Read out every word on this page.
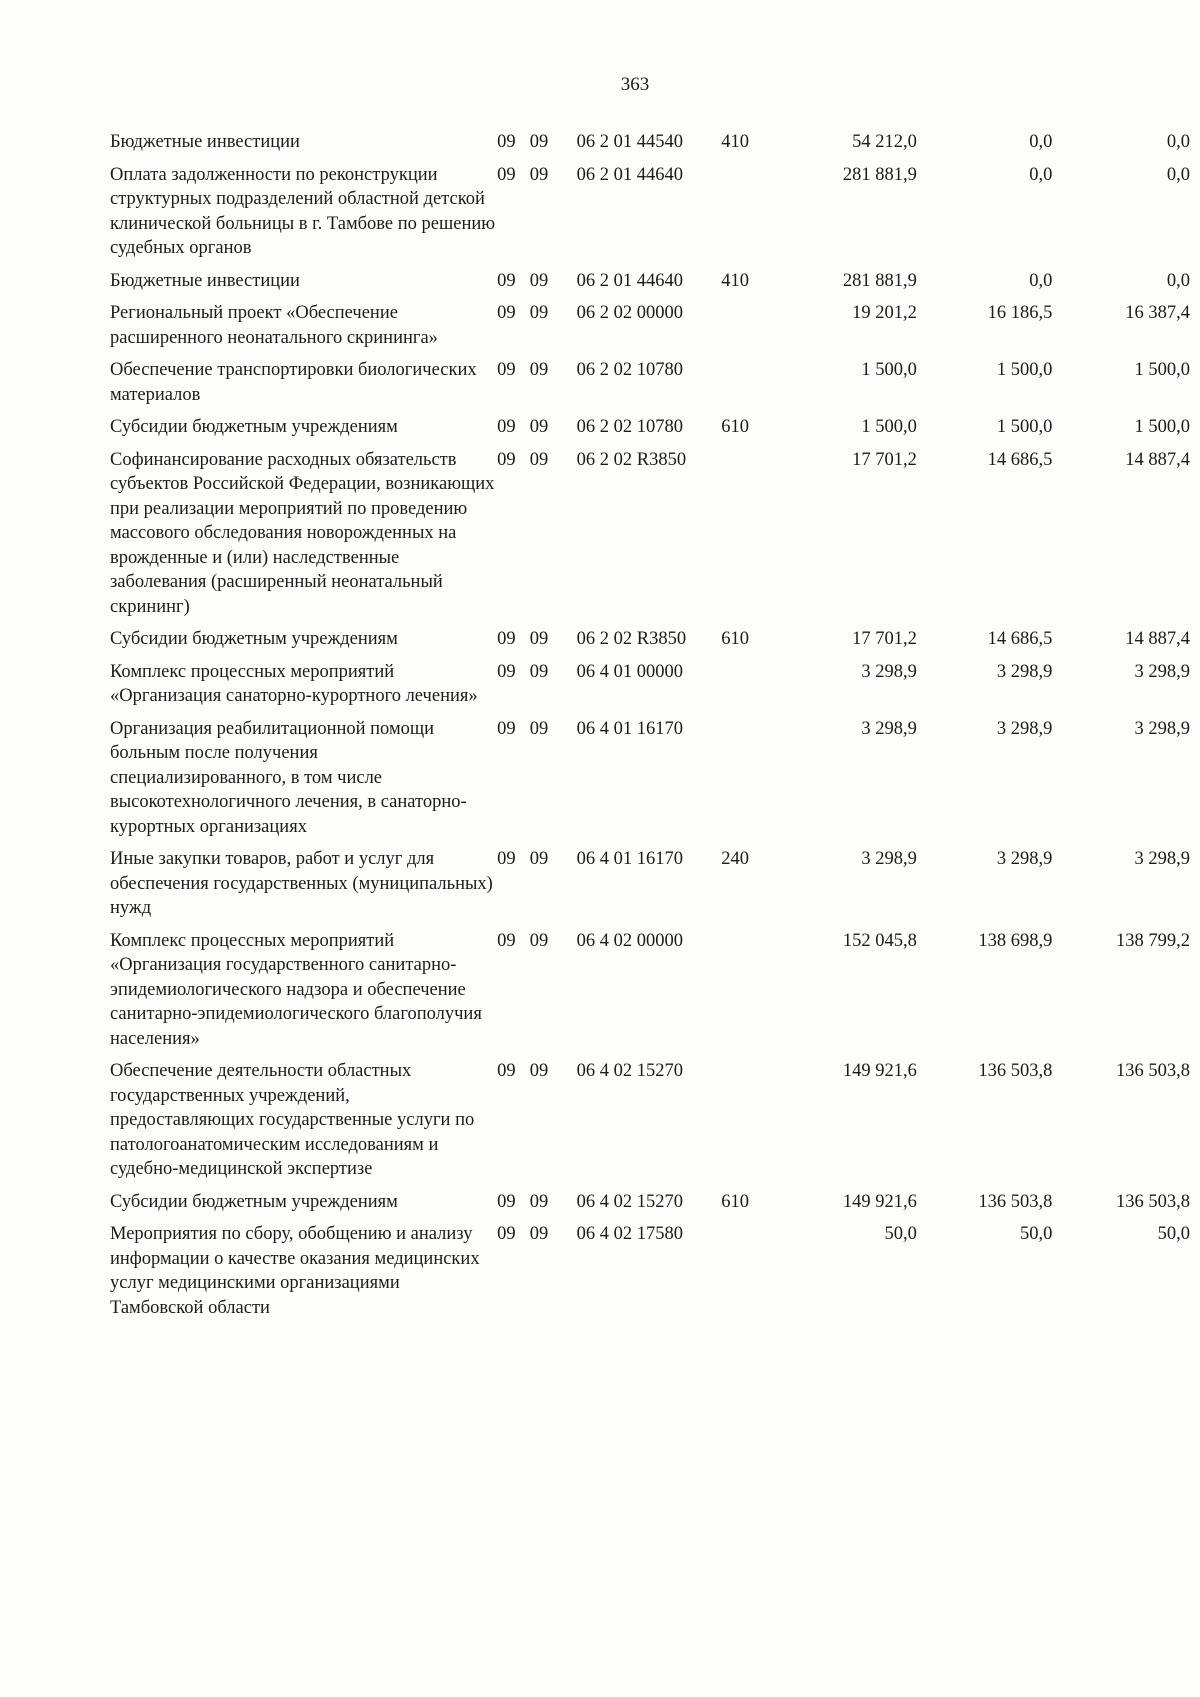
363
Бюджетные инвестиции	09	09	06 2 01 44540	410	54 212,0	0,0	0,0
Оплата задолженности по реконструкции структурных подразделений областной детской клинической больницы в г. Тамбове по решению судебных органов	09	09	06 2 01 44640		281 881,9	0,0	0,0
Бюджетные инвестиции	09	09	06 2 01 44640	410	281 881,9	0,0	0,0
Региональный проект «Обеспечение расширенного неонатального скрининга»	09	09	06 2 02 00000		19 201,2	16 186,5	16 387,4
Обеспечение транспортировки биологических материалов	09	09	06 2 02 10780		1 500,0	1 500,0	1 500,0
Субсидии бюджетным учреждениям	09	09	06 2 02 10780	610	1 500,0	1 500,0	1 500,0
Софинансирование расходных обязательств субъектов Российской Федерации, возникающих при реализации мероприятий по проведению массового обследования новорожденных на врожденные и (или) наследственные заболевания (расширенный неонатальный скрининг)	09	09	06 2 02 R3850		17 701,2	14 686,5	14 887,4
Субсидии бюджетным учреждениям	09	09	06 2 02 R3850	610	17 701,2	14 686,5	14 887,4
Комплекс процессных мероприятий «Организация санаторно-курортного лечения»	09	09	06 4 01 00000		3 298,9	3 298,9	3 298,9
Организация реабилитационной помощи больным после получения специализированного, в том числе высокотехнологичного лечения, в санаторно-курортных организациях	09	09	06 4 01 16170		3 298,9	3 298,9	3 298,9
Иные закупки товаров, работ и услуг для обеспечения государственных (муниципальных) нужд	09	09	06 4 01 16170	240	3 298,9	3 298,9	3 298,9
Комплекс процессных мероприятий «Организация государственного санитарно-эпидемиологического надзора и обеспечение санитарно-эпидемиологического благополучия населения»	09	09	06 4 02 00000		152 045,8	138 698,9	138 799,2
Обеспечение деятельности областных государственных учреждений, предоставляющих государственные услуги по патологоанатомическим исследованиям и судебно-медицинской экспертизе	09	09	06 4 02 15270		149 921,6	136 503,8	136 503,8
Субсидии бюджетным учреждениям	09	09	06 4 02 15270	610	149 921,6	136 503,8	136 503,8
Мероприятия по сбору, обобщению и анализу информации о качестве оказания медицинских услуг медицинскими организациями Тамбовской области	09	09	06 4 02 17580		50,0	50,0	50,0
